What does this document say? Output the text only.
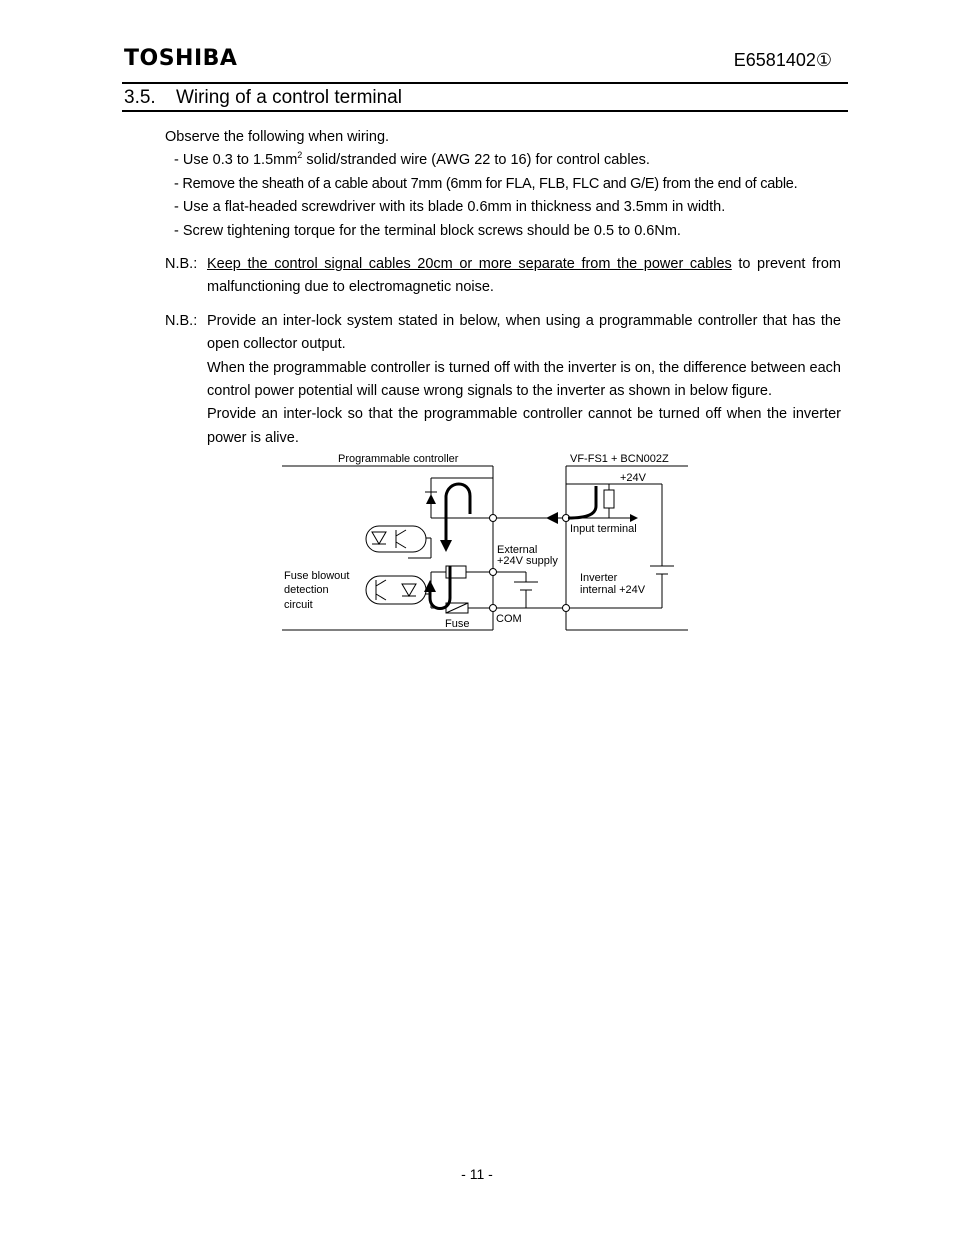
TOSHIBA	E6581402①
3.5. Wiring of a control terminal

Observe the following when wiring.

- Use 0.3 to $1.5mm^2$ solid/stranded wire (AWG 22 to 16) for control cables.

- Remove the sheath of a cable about 7mm (6mm for FLA, FLB, FLC and G/E) from the end of cable.

- Use a flat-headed screwdriver with its blade 0.6mm in thickness and 3.5mm in width.

- Screw tightening torque for the terminal block screws should be 0.5 to 0.6Nm.

N.B.: Keep the control signal cables 20cm or more separate from the power cables to prevent from malfunctioning due to electromagnetic noise.
N.B.: Provide an inter-lock system stated in below, when using a programmable controller that has the open collector output.

When the programmable controller is turned off with the inverter is on, the difference between each control power potential will cause wrong signals to the inverter as shown in below figure.

Provide an inter-lock so that the programmable controller cannot be turned off when the inverter power is alive.

Programmable controller	VF-FS1 + BCN002Z
+24V
Input terminal
External
+24V supply
Inverter
internal +24V
Fuse blowout
detection
circuit
Fuse COM
- 11 -
